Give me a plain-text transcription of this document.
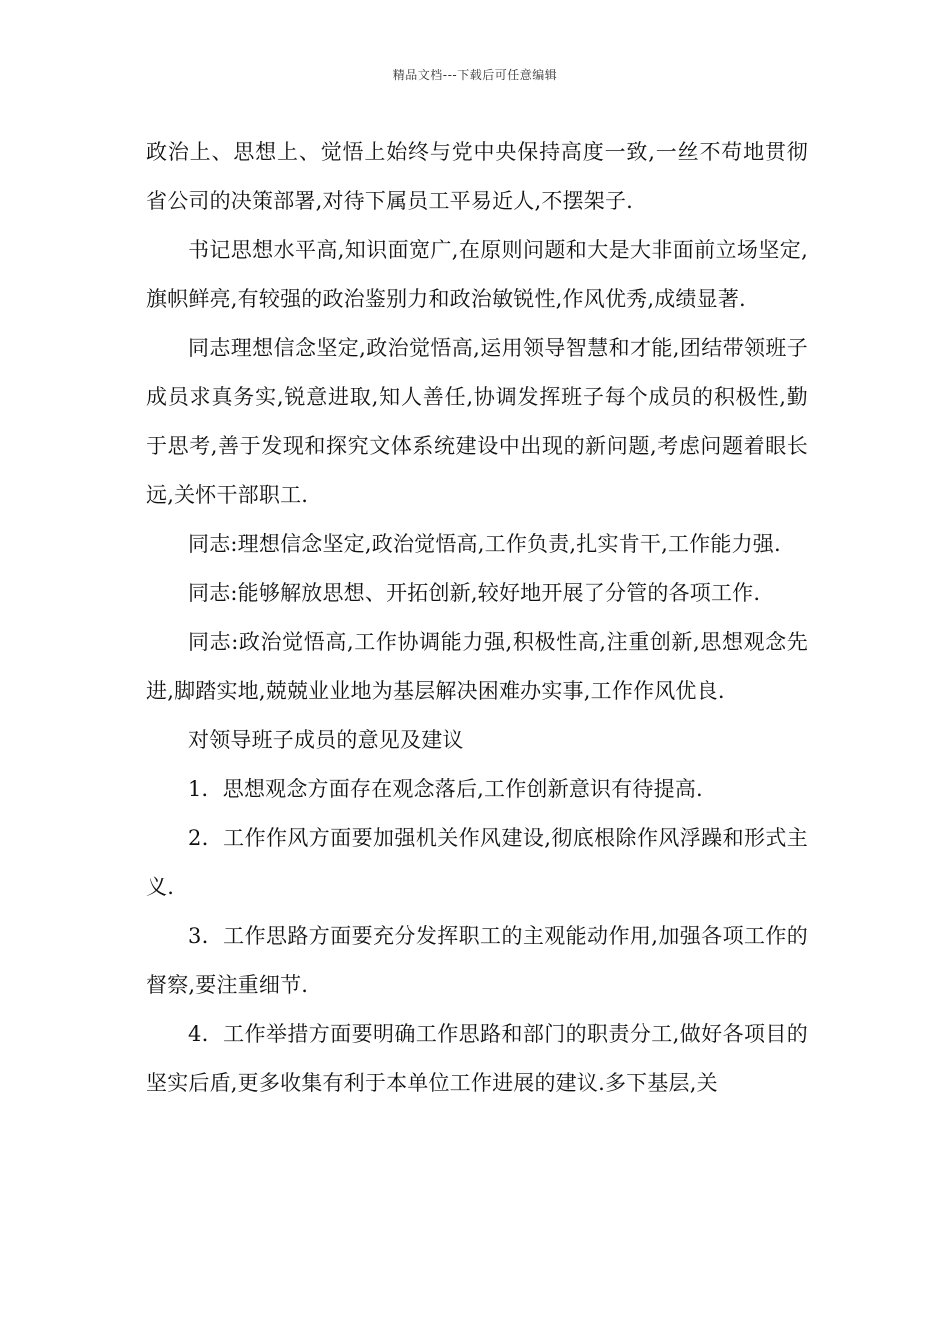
精品文档---下载后可任意编辑

政治上、思想上、觉悟上始终与党中央保持高度一致,一丝不苟地贯彻省公司的决策部署,对待下属员工平易近人,不摆架子.

书记思想水平高,知识面宽广,在原则问题和大是大非面前立场坚定,旗帜鲜亮,有较强的政治鉴别力和政治敏锐性,作风优秀,成绩显著.

同志理想信念坚定,政治觉悟高,运用领导智慧和才能,团结带领班子成员求真务实,锐意进取,知人善任,协调发挥班子每个成员的积极性,勤于思考,善于发现和探究文体系统建设中出现的新问题,考虑问题着眼长远,关怀干部职工.

同志:理想信念坚定,政治觉悟高,工作负责,扎实肯干,工作能力强.

同志:能够解放思想、开拓创新,较好地开展了分管的各项工作.

同志:政治觉悟高,工作协调能力强,积极性高,注重创新,思想观念先进,脚踏实地,兢兢业业地为基层解决困难办实事,工作作风优良.

对领导班子成员的意见及建议

1．思想观念方面存在观念落后,工作创新意识有待提高.

2．工作作风方面要加强机关作风建设,彻底根除作风浮躁和形式主义.

3．工作思路方面要充分发挥职工的主观能动作用,加强各项工作的督察,要注重细节.

4．工作举措方面要明确工作思路和部门的职责分工,做好各项目的坚实后盾,更多收集有利于本单位工作进展的建议.多下基层,关
